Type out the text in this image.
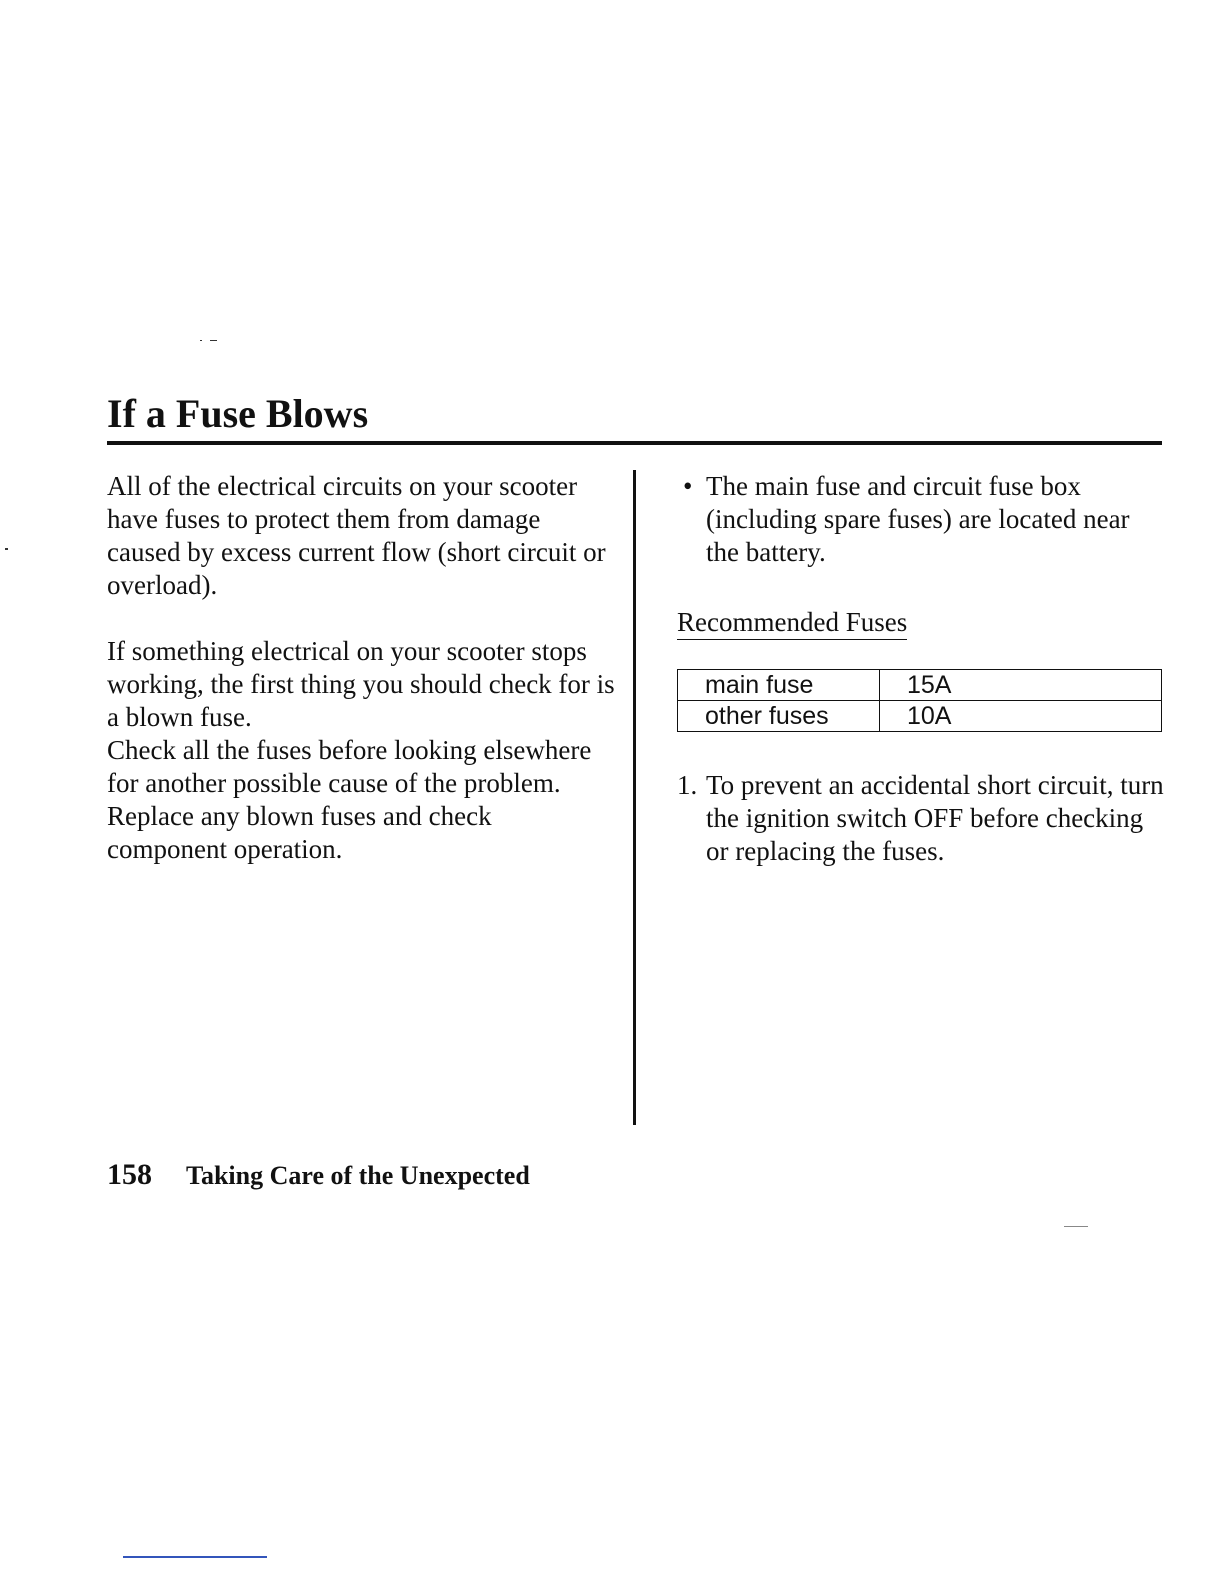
If a Fuse Blows

All of the electrical circuits on your scooter have fuses to protect them from damage caused by excess current flow (short circuit or overload).

If something electrical on your scooter stops working, the first thing you should check for is a blown fuse.

Check all the fuses before looking elsewhere for another possible cause of the problem. Replace any blown fuses and check component operation.

• The main fuse and circuit fuse box (including spare fuses) are located near the battery.
Recommended Fuses
main fuse	15A
other fuses	10A
1. To prevent an accidental short circuit, turn the ignition switch OFF before checking or replacing the fuses.
158 Taking Care of the Unexpected
